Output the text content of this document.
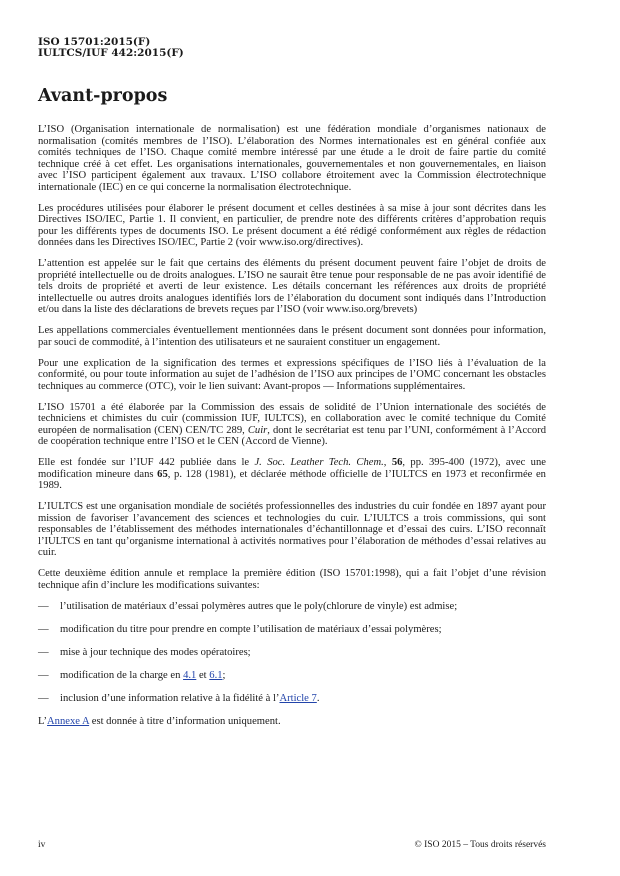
ISO 15701:2015(F)
IULTCS/IUF 442:2015(F)
Avant-propos

L’ISO (Organisation internationale de normalisation) est une fédération mondiale d’organismes nationaux de normalisation (comités membres de l’ISO). L’élaboration des Normes internationales est en général confiée aux comités techniques de l’ISO. Chaque comité membre intéressé par une étude a le droit de faire partie du comité technique créé à cet effet. Les organisations internationales, gouvernementales et non gouvernementales, en liaison avec l’ISO participent également aux travaux. L’ISO collabore étroitement avec la Commission électrotechnique internationale (IEC) en ce qui concerne la normalisation électrotechnique.

Les procédures utilisées pour élaborer le présent document et celles destinées à sa mise à jour sont décrites dans les Directives ISO/IEC, Partie 1. Il convient, en particulier, de prendre note des différents critères d’approbation requis pour les différents types de documents ISO. Le présent document a été rédigé conformément aux règles de rédaction données dans les Directives ISO/IEC, Partie 2 (voir www.iso.org/directives).

L’attention est appelée sur le fait que certains des éléments du présent document peuvent faire l’objet de droits de propriété intellectuelle ou de droits analogues. L’ISO ne saurait être tenue pour responsable de ne pas avoir identifié de tels droits de propriété et averti de leur existence. Les détails concernant les références aux droits de propriété intellectuelle ou autres droits analogues identifiés lors de l’élaboration du document sont indiqués dans l’Introduction et/ou dans la liste des déclarations de brevets reçues par l’ISO (voir www.iso.org/brevets)

Les appellations commerciales éventuellement mentionnées dans le présent document sont données pour information, par souci de commodité, à l’intention des utilisateurs et ne sauraient constituer un engagement.

Pour une explication de la signification des termes et expressions spécifiques de l’ISO liés à l’évaluation de la conformité, ou pour toute information au sujet de l’adhésion de l’ISO aux principes de l’OMC concernant les obstacles techniques au commerce (OTC), voir le lien suivant: Avant-propos — Informations supplémentaires.

L’ISO 15701 a été élaborée par la Commission des essais de solidité de l’Union internationale des sociétés de techniciens et chimistes du cuir (commission IUF, IULTCS), en collaboration avec le comité technique du Comité européen de normalisation (CEN) CEN/TC 289, Cuir, dont le secrétariat est tenu par l’UNI, conformément à l’Accord de coopération technique entre l’ISO et le CEN (Accord de Vienne).

Elle est fondée sur l’IUF 442 publiée dans le J. Soc. Leather Tech. Chem., 56, pp. 395-400 (1972), avec une modification mineure dans 65, p. 128 (1981), et déclarée méthode officielle de l’IULTCS en 1973 et reconfirmée en 1989.

L’IULTCS est une organisation mondiale de sociétés professionnelles des industries du cuir fondée en 1897 ayant pour mission de favoriser l’avancement des sciences et technologies du cuir. L’IULTCS a trois commissions, qui sont responsables de l’établissement des méthodes internationales d’échantillonnage et d’essai des cuirs. L’ISO reconnaît l’IULTCS en tant qu’organisme international à activités normatives pour l’élaboration de méthodes d’essai relatives au cuir.

Cette deuxième édition annule et remplace la première édition (ISO 15701:1998), qui a fait l’objet d’une révision technique afin d’inclure les modifications suivantes:

— l’utilisation de matériaux d’essai polymères autres que le poly(chlorure de vinyle) est admise;
— modification du titre pour prendre en compte l’utilisation de matériaux d’essai polymères;
— mise à jour technique des modes opératoires;
— modification de la charge en 4.1 et 6.1;
— inclusion d’une information relative à la fidélité à l’Article 7.

L’Annexe A est donnée à titre d’information uniquement.

iv	© ISO 2015 – Tous droits réservés
